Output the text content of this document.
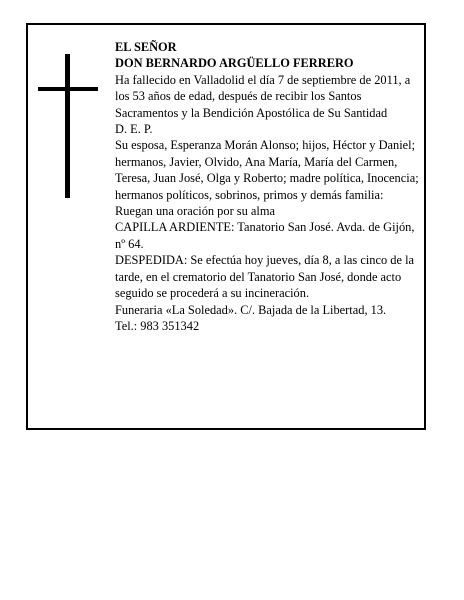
EL SEÑOR

DON BERNARDO ARGÜELLO FERRERO

Ha fallecido en Valladolid el día 7 de septiembre de 2011, a los 53 años de edad, después de recibir los Santos Sacramentos y la Bendición Apostólica de Su Santidad

D. E. P.

Su esposa, Esperanza Morán Alonso; hijos, Héctor y Daniel; hermanos, Javier, Olvido, Ana María, María del Carmen, Teresa, Juan José, Olga y Roberto; madre política, Inocencia; hermanos políticos, sobrinos, primos y demás familia:

Ruegan una oración por su alma

CAPILLA ARDIENTE: Tanatorio San José. Avda. de Gijón, nº 64.

DESPEDIDA: Se efectúa hoy jueves, día 8, a las cinco de la tarde, en el crematorio del Tanatorio San José, donde acto seguido se procederá a su incineración.

Funeraria «La Soledad». C/. Bajada de la Libertad, 13.

Tel.: 983 351342
